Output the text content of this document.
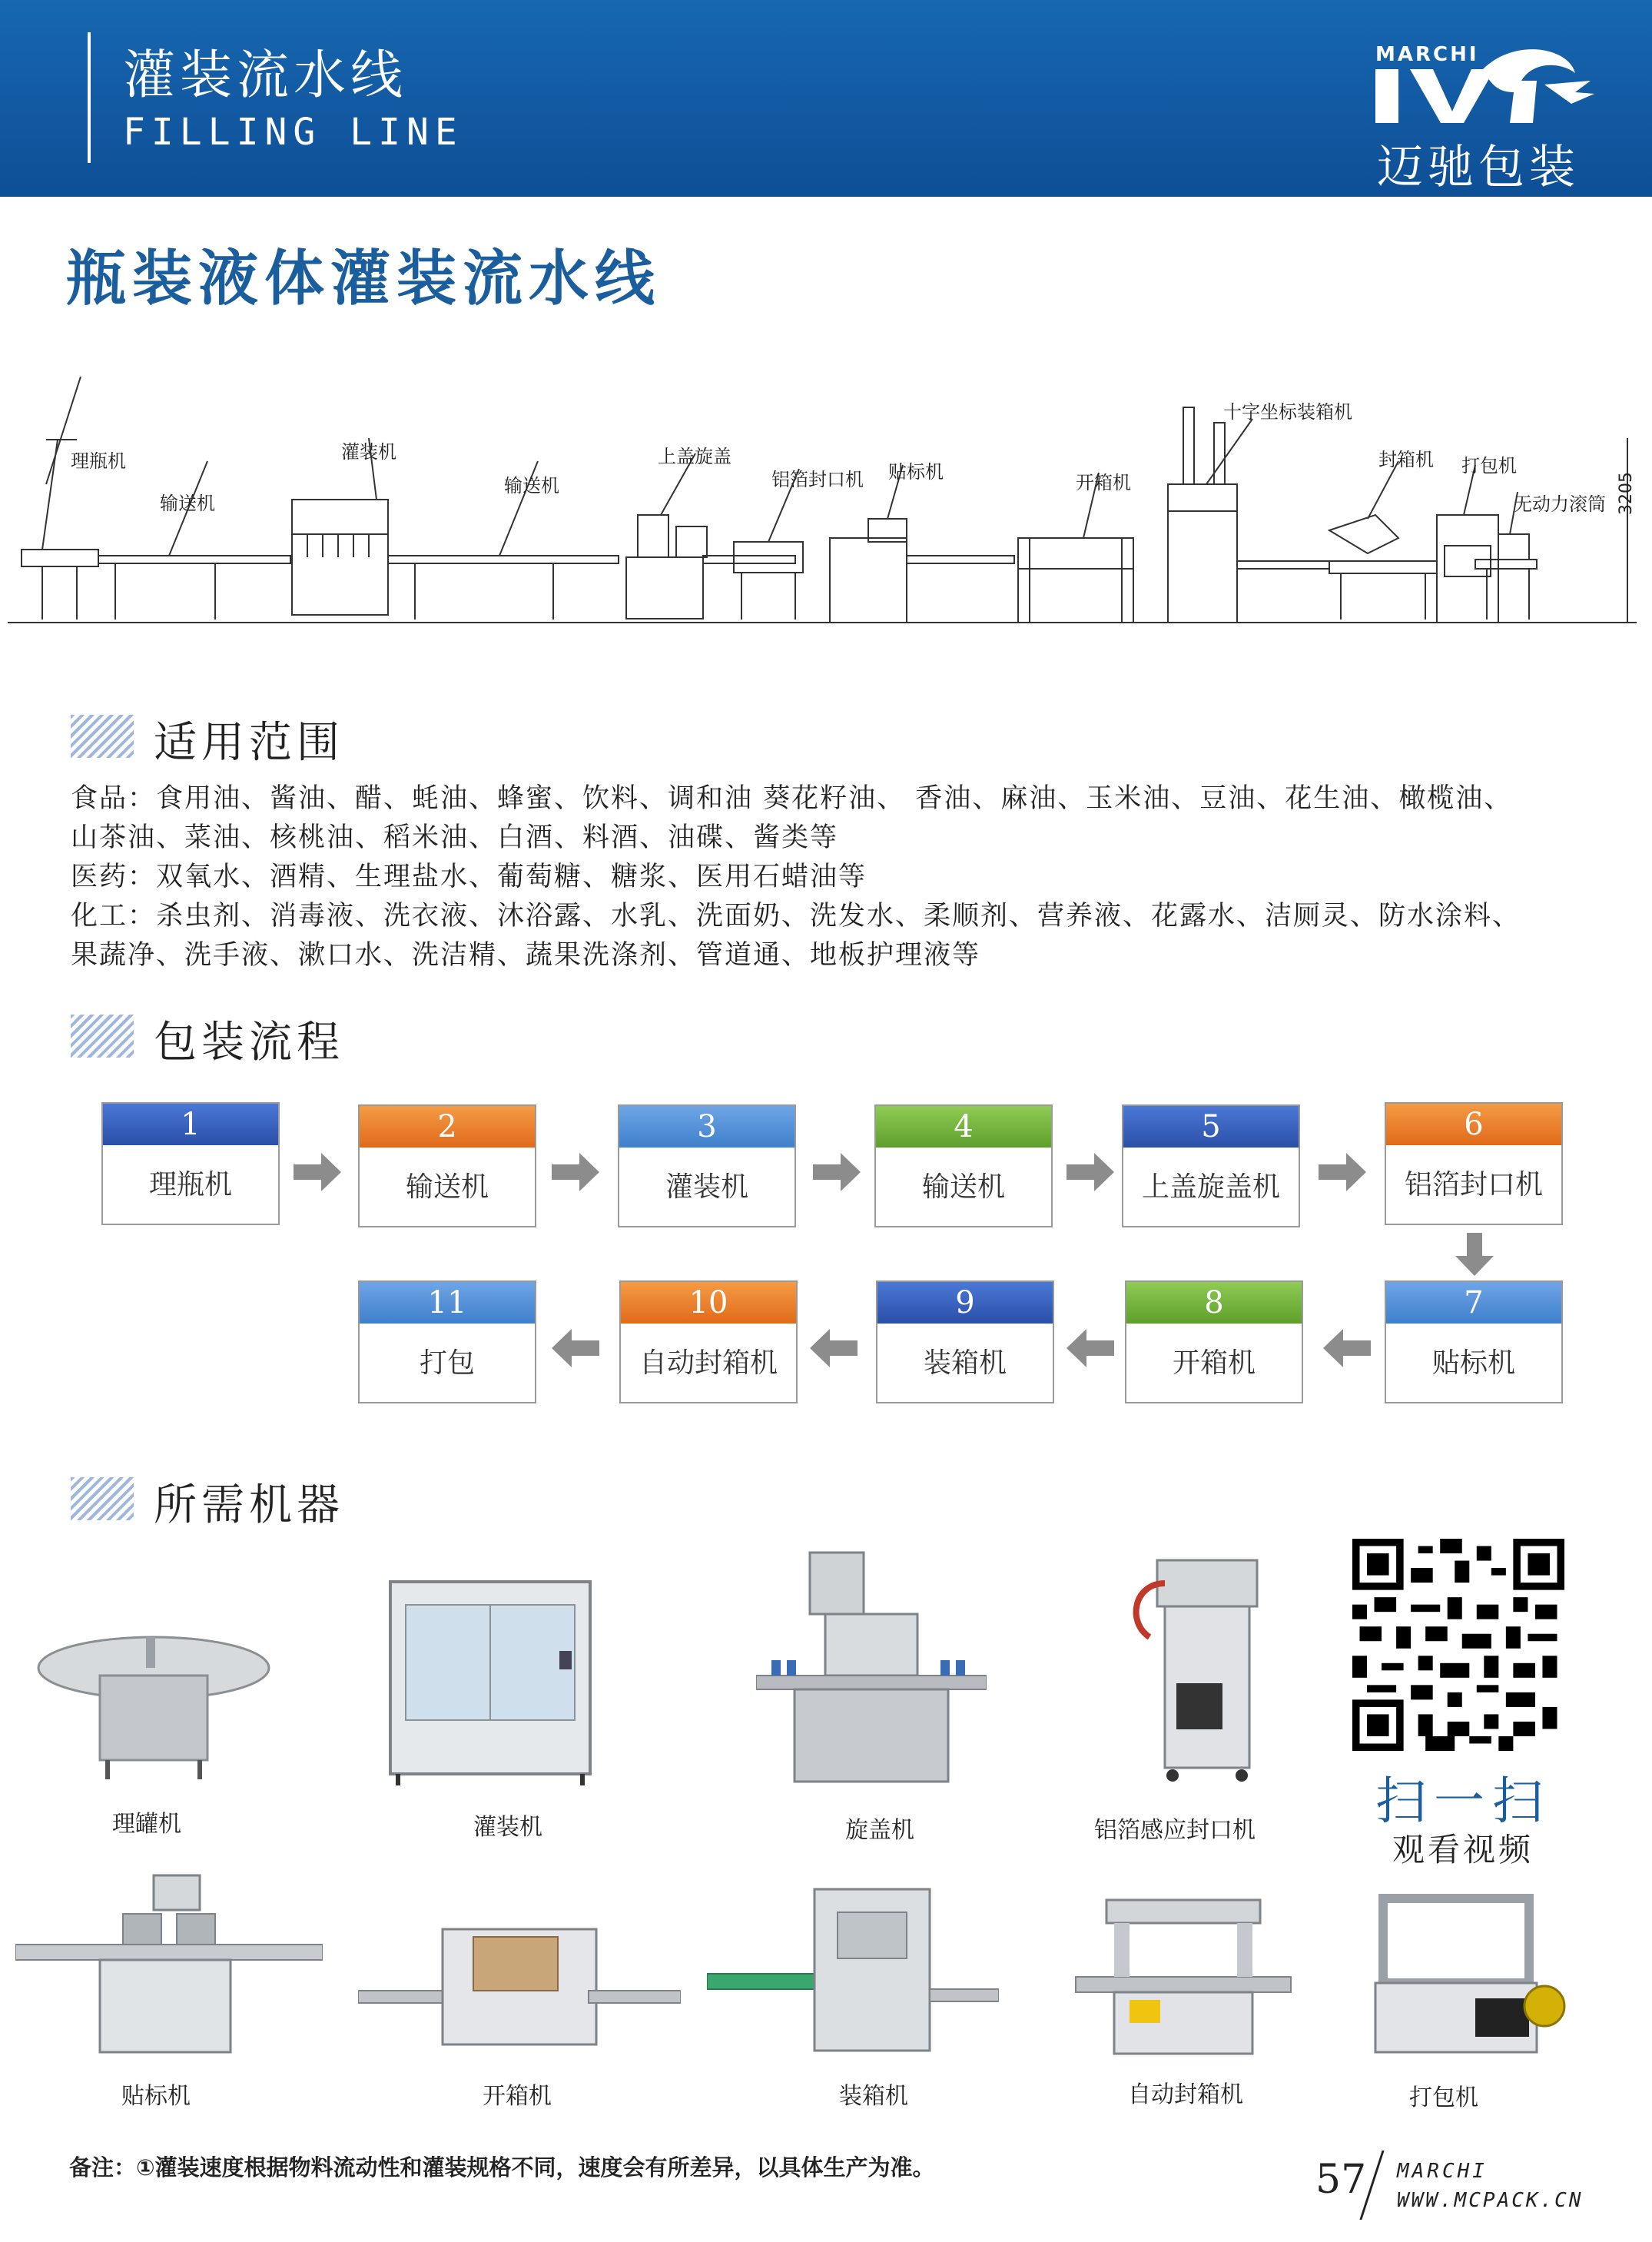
灌装流水线
FILLING LINE
MARCHI
迈驰包装
瓶装液体灌装流水线
理瓶机
输送机
灌装机
输送机
上盖旋盖
铝箔封口机 贴标机	开箱机
十字坐标装箱机
封箱机 打包机
无动力滚筒 3205
适用范围

食品：食用油、酱油、醋、蚝油、蜂蜜、饮料、调和油 葵花籽油、 香油、麻油、玉米油、豆油、花生油、橄榄油、

山茶油、菜油、核桃油、稻米油、白酒、料酒、油碟、酱类等

医药：双氧水、酒精、生理盐水、葡萄糖、糖浆、医用石蜡油等

化工：杀虫剂、消毒液、洗衣液、沐浴露、水乳、洗面奶、洗发水、柔顺剂、营养液、花露水、洁厕灵、防水涂料、

果蔬净、洗手液、漱口水、洗洁精、蔬果洗涤剂、管道通、地板护理液等

包装流程
1
理瓶机
2
输送机
3
灌装机
4
输送机
5
上盖旋盖机
6
铝箔封口机
7
贴标机
8
开箱机
9
装箱机
10
自动封箱机
11
打包
所需机器
理罐机	灌装机	旋盖机	铝箔感应封口机 扫一扫
观看视频
贴标机	开箱机	装箱机	自动封箱机	打包机
备注：①灌装速度根据物料流动性和灌装规格不同，速度会有所差异，以具体生产为准。	57 MARCHI
WWW.MCPACK.CN
